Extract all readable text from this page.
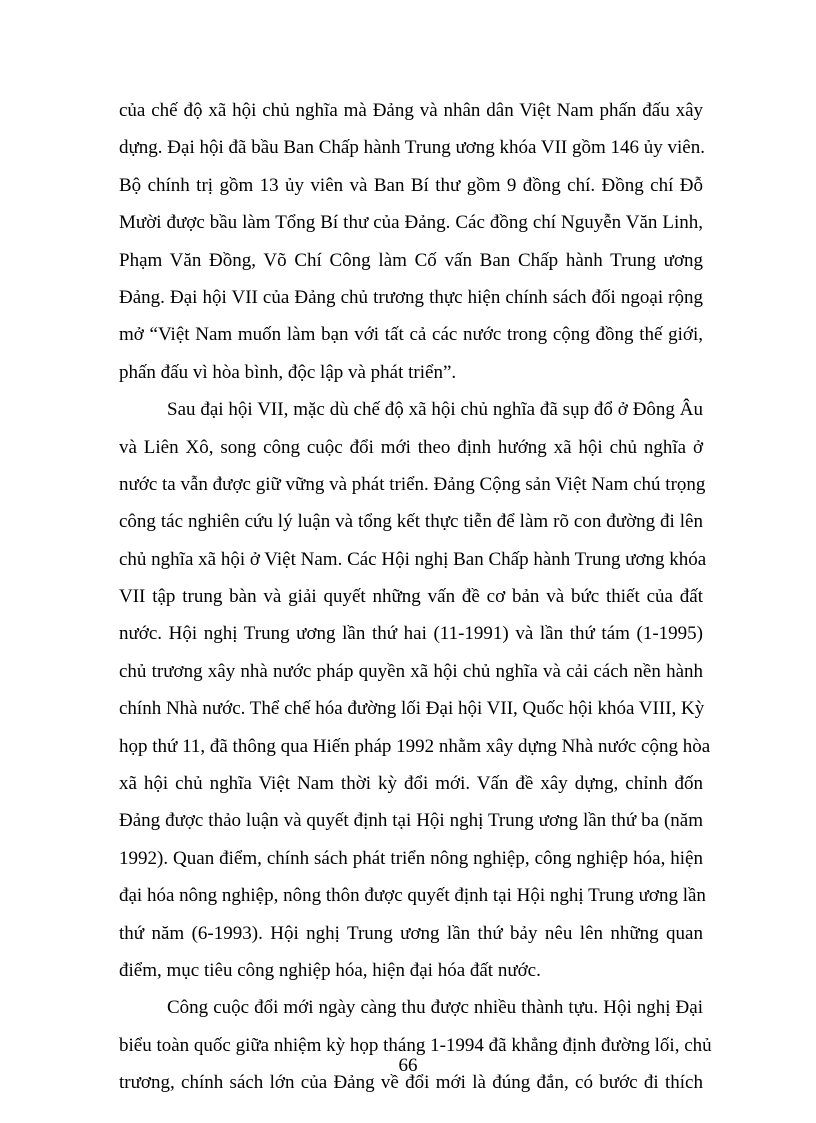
của chế độ xã hội chủ nghĩa mà Đảng và nhân dân Việt Nam phấn đấu xây
dựng. Đại hội đã bầu Ban Chấp hành Trung ương khóa VII gồm 146 ủy viên.
Bộ chính trị gồm 13 ủy viên và Ban Bí thư gồm 9 đồng chí. Đồng chí Đỗ
Mười được bầu làm Tổng Bí thư của Đảng. Các đồng chí Nguyễn Văn Linh,
Phạm Văn Đồng, Võ Chí Công làm Cố vấn Ban Chấp hành Trung ương
Đảng. Đại hội VII của Đảng chủ trương thực hiện chính sách đối ngoại rộng
mở “Việt Nam muốn làm bạn với tất cả các nước trong cộng đồng thế giới,
phấn đấu vì hòa bình, độc lập và phát triển”.
Sau đại hội VII, mặc dù chế độ xã hội chủ nghĩa đã sụp đổ ở Đông Âu
và Liên Xô, song công cuộc đổi mới theo định hướng xã hội chủ nghĩa ở
nước ta vẫn được giữ vững và phát triển. Đảng Cộng sản Việt Nam chú trọng
công tác nghiên cứu lý luận và tổng kết thực tiễn để làm rõ con đường đi lên
chủ nghĩa xã hội ở Việt Nam. Các Hội nghị Ban Chấp hành Trung ương khóa
VII tập trung bàn và giải quyết những vấn đề cơ bản và bức thiết của đất
nước. Hội nghị Trung ương lần thứ hai (11-1991) và lần thứ tám (1-1995)
chủ trương xây nhà nước pháp quyền xã hội chủ nghĩa và cải cách nền hành
chính Nhà nước. Thể chế hóa đường lối Đại hội VII, Quốc hội khóa VIII, Kỳ
họp thứ 11, đã thông qua Hiến pháp 1992 nhằm xây dựng Nhà nước cộng hòa
xã hội chủ nghĩa Việt Nam thời kỳ đổi mới. Vấn đề xây dựng, chỉnh đốn
Đảng được thảo luận và quyết định tại Hội nghị Trung ương lần thứ ba (năm
1992). Quan điểm, chính sách phát triển nông nghiệp, công nghiệp hóa, hiện
đại hóa nông nghiệp, nông thôn được quyết định tại Hội nghị Trung ương lần
thứ năm (6-1993). Hội nghị Trung ương lần thứ bảy nêu lên những quan
điểm, mục tiêu công nghiệp hóa, hiện đại hóa đất nước.
Công cuộc đổi mới ngày càng thu được nhiều thành tựu. Hội nghị Đại
biểu toàn quốc giữa nhiệm kỳ họp tháng 1-1994 đã khẳng định đường lối, chủ
trương, chính sách lớn của Đảng về đổi mới là đúng đắn, có bước đi thích
66
